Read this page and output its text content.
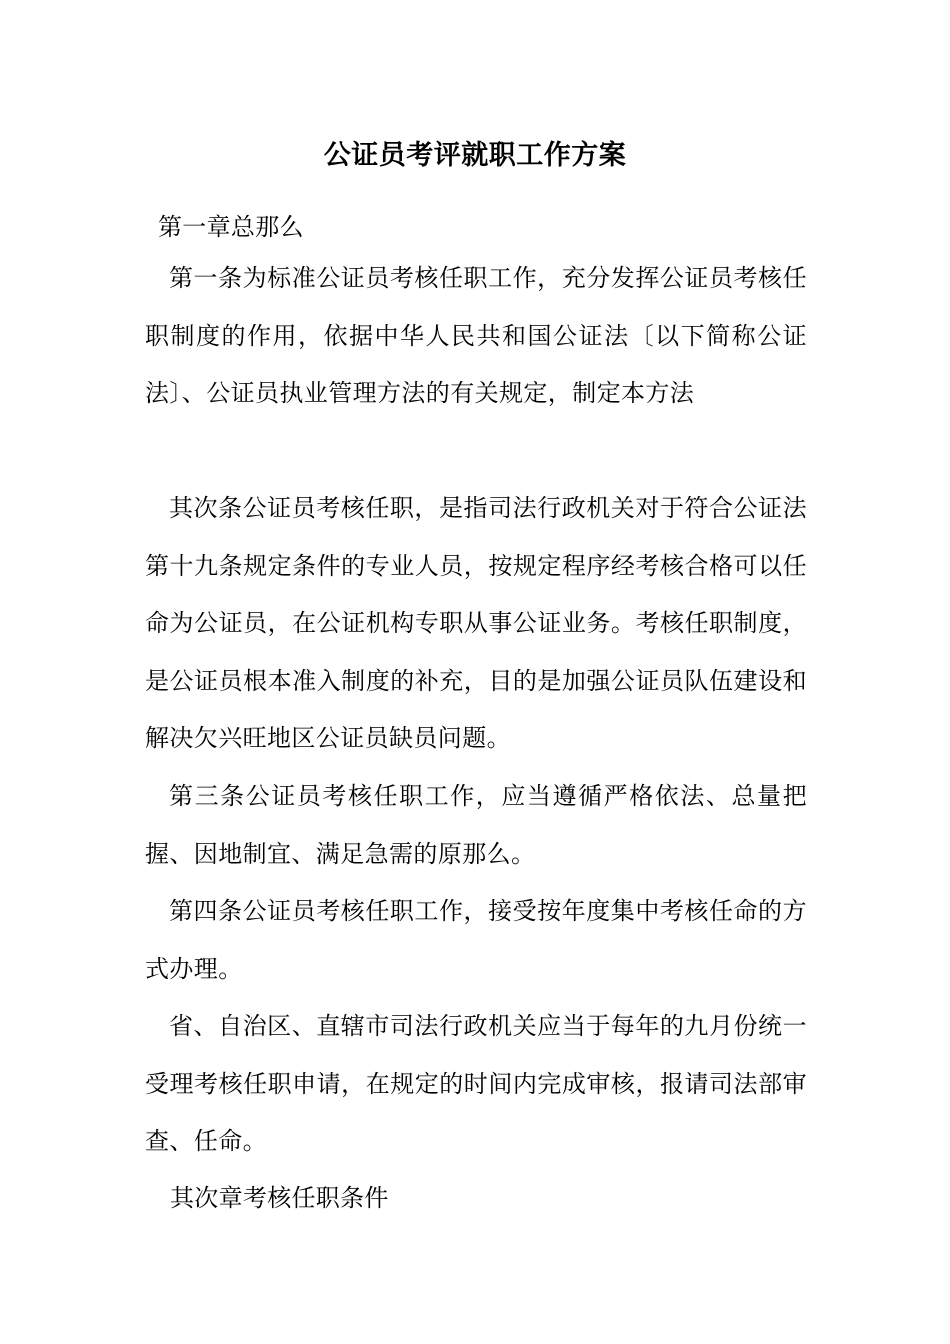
公证员考评就职工作方案
第一章总那么
第一条为标准公证员考核任职工作，充分发挥公证员考核任职制度的作用，依据中华人民共和国公证法〔以下简称公证法〕、公证员执业管理方法的有关规定，制定本方法
其次条公证员考核任职，是指司法行政机关对于符合公证法第十九条规定条件的专业人员，按规定程序经考核合格可以任命为公证员，在公证机构专职从事公证业务。考核任职制度，是公证员根本准入制度的补充，目的是加强公证员队伍建设和解决欠兴旺地区公证员缺员问题。
第三条公证员考核任职工作，应当遵循严格依法、总量把握、因地制宜、满足急需的原那么。
第四条公证员考核任职工作，接受按年度集中考核任命的方式办理。
省、自治区、直辖市司法行政机关应当于每年的九月份统一受理考核任职申请，在规定的时间内完成审核，报请司法部审查、任命。
其次章考核任职条件
